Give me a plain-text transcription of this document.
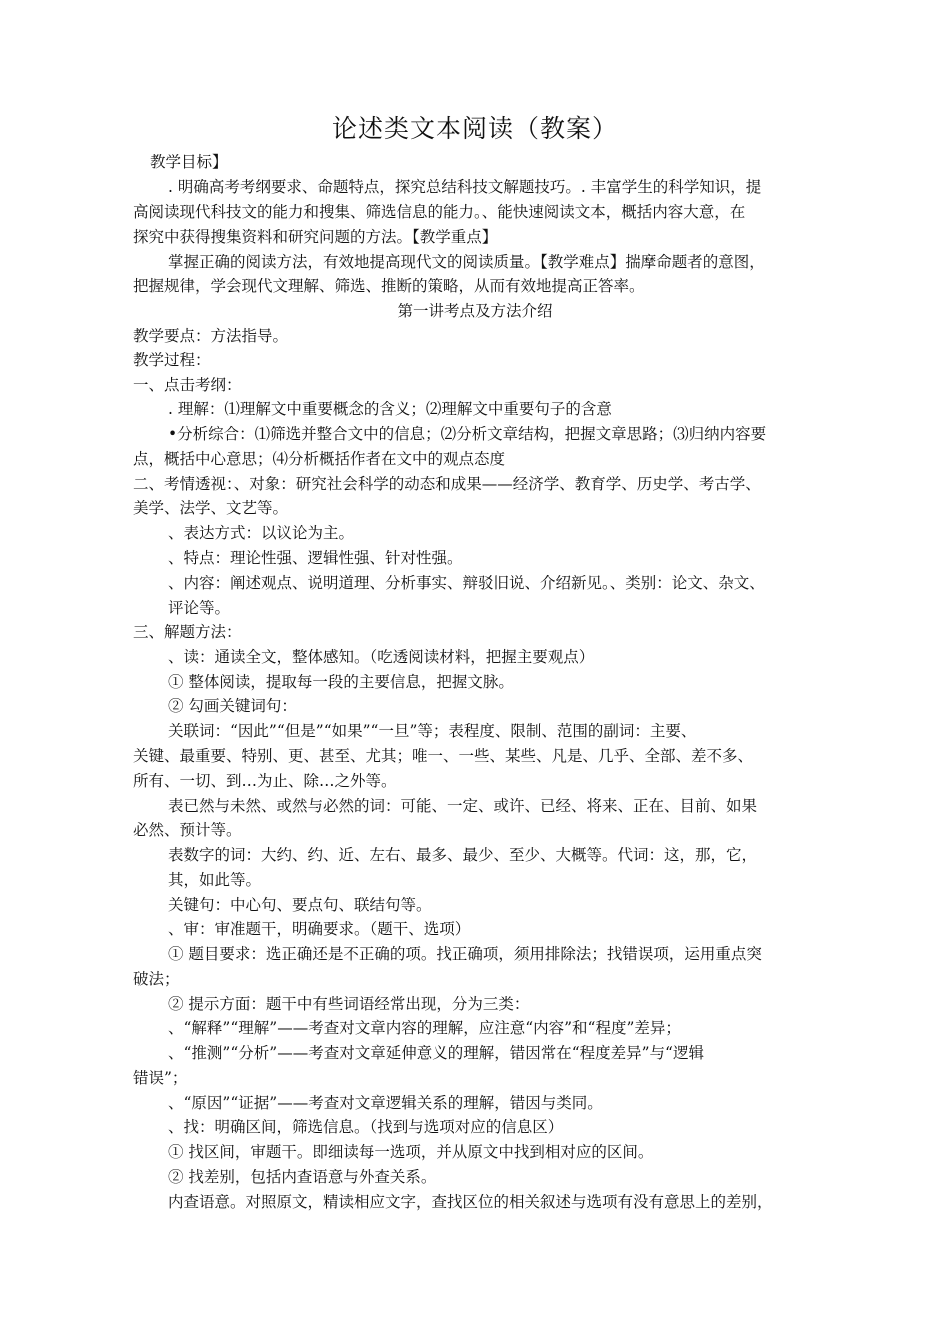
论述类文本阅读（教案）
教学目标】
. 明确高考考纲要求、命题特点，探究总结科技文解题技巧。. 丰富学生的科学知识，提
高阅读现代科技文的能力和搜集、筛选信息的能力。、能快速阅读文本，概括内容大意，在
探究中获得搜集资料和研究问题的方法。【教学重点】
掌握正确的阅读方法，有效地提高现代文的阅读质量。【教学难点】揣摩命题者的意图，
把握规律，学会现代文理解、筛选、推断的策略，从而有效地提高正答率。
第一讲考点及方法介绍
教学要点：方法指导。
教学过程：
一、点击考纲：
. 理解：⑴理解文中重要概念的含义；⑵理解文中重要句子的含意
•分析综合：⑴筛选并整合文中的信息；⑵分析文章结构，把握文章思路；⑶归纳内容要
点，概括中心意思；⑷分析概括作者在文中的观点态度
二、考情透视：、对象：研究社会科学的动态和成果——经济学、教育学、历史学、考古学、
美学、法学、文艺等。
、表达方式：以议论为主。
、特点：理论性强、逻辑性强、针对性强。
、内容：阐述观点、说明道理、分析事实、辩驳旧说、介绍新见。、类别：论文、杂文、
评论等。
三、解题方法：
、读：通读全文，整体感知。（吃透阅读材料，把握主要观点）
① 整体阅读，提取每一段的主要信息，把握文脉。
② 勾画关键词句：
关联词：“因此”“但是”“如果”“一旦”等；表程度、限制、范围的副词：主要、
关键、最重要、特别、更、甚至、尤其；唯一、一些、某些、凡是、几乎、全部、差不多、
所有、一切、到…为止、除…之外等。
表已然与未然、或然与必然的词：可能、一定、或许、已经、将来、正在、目前、如果
必然、预计等。
表数字的词：大约、约、近、左右、最多、最少、至少、大概等。代词：这，那，它，
其，如此等。
关键句：中心句、要点句、联结句等。
、审：审准题干，明确要求。（题干、选项）
① 题目要求：选正确还是不正确的项。找正确项，须用排除法；找错误项，运用重点突
破法；
② 提示方面：题干中有些词语经常出现，分为三类：
、“解释”“理解”——考查对文章内容的理解，应注意“内容”和“程度”差异；
、“推测”“分析”——考查对文章延伸意义的理解，错因常在“程度差异”与“逻辑
错误”；
、“原因”“证据”——考查对文章逻辑关系的理解，错因与类同。
、找：明确区间，筛选信息。（找到与选项对应的信息区）
① 找区间，审题干。即细读每一选项，并从原文中找到相对应的区间。
② 找差别，包括内查语意与外查关系。
内查语意。对照原文，精读相应文字，查找区位的相关叙述与选项有没有意思上的差别，
